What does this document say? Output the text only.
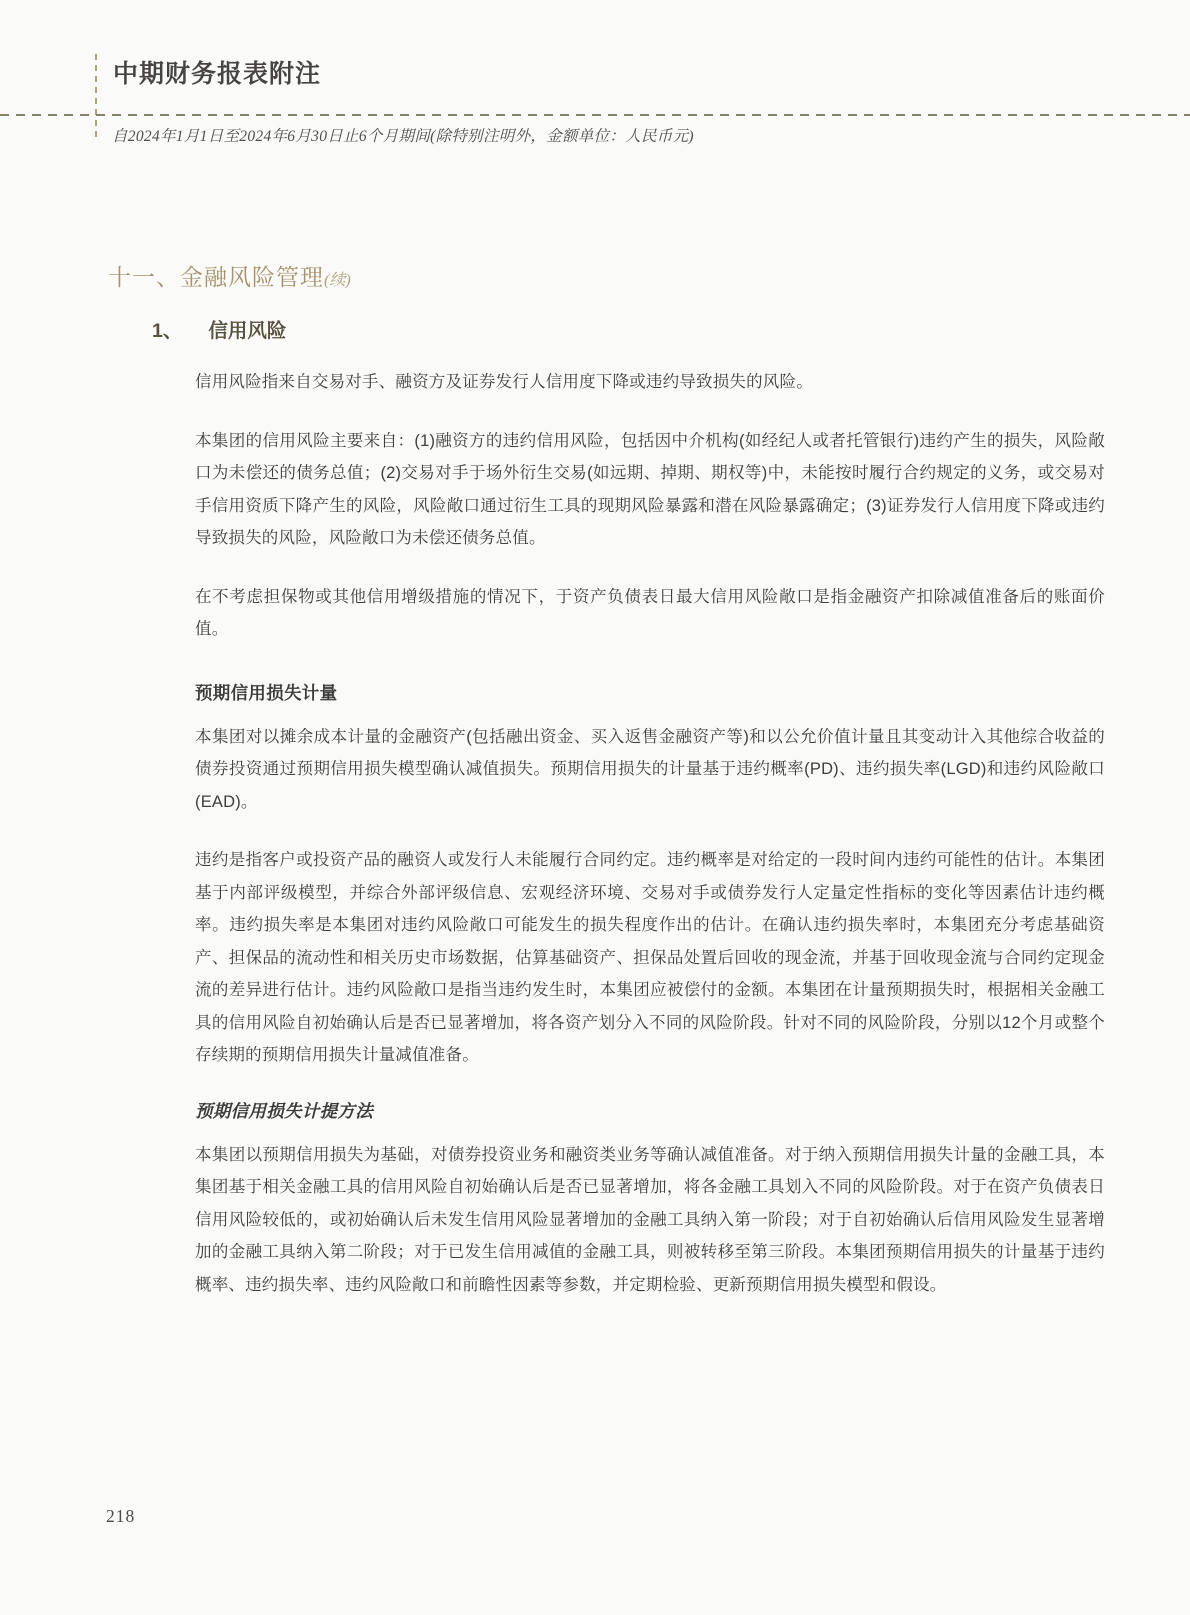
中期财务报表附注
自2024年1月1日至2024年6月30日止6个月期间(除特别注明外，金额单位：人民币元)
十一、金融风险管理(续)
1、 信用风险

信用风险指来自交易对手、融资方及证券发行人信用度下降或违约导致损失的风险。

本集团的信用风险主要来自：(1)融资方的违约信用风险，包括因中介机构(如经纪人或者托管银行)违约产生的损失，风险敞口为未偿还的债务总值；(2)交易对手于场外衍生交易(如远期、掉期、期权等)中，未能按时履行合约规定的义务，或交易对手信用资质下降产生的风险，风险敞口通过衍生工具的现期风险暴露和潜在风险暴露确定；(3)证券发行人信用度下降或违约导致损失的风险，风险敞口为未偿还债务总值。

在不考虑担保物或其他信用增级措施的情况下，于资产负债表日最大信用风险敞口是指金融资产扣除减值准备后的账面价值。

预期信用损失计量

本集团对以摊余成本计量的金融资产(包括融出资金、买入返售金融资产等)和以公允价值计量且其变动计入其他综合收益的债券投资通过预期信用损失模型确认减值损失。预期信用损失的计量基于违约概率(PD)、违约损失率(LGD)和违约风险敞口(EAD)。

违约是指客户或投资产品的融资人或发行人未能履行合同约定。违约概率是对给定的一段时间内违约可能性的估计。本集团基于内部评级模型，并综合外部评级信息、宏观经济环境、交易对手或债券发行人定量定性指标的变化等因素估计违约概率。违约损失率是本集团对违约风险敞口可能发生的损失程度作出的估计。在确认违约损失率时，本集团充分考虑基础资产、担保品的流动性和相关历史市场数据，估算基础资产、担保品处置后回收的现金流，并基于回收现金流与合同约定现金流的差异进行估计。违约风险敞口是指当违约发生时，本集团应被偿付的金额。本集团在计量预期损失时，根据相关金融工具的信用风险自初始确认后是否已显著增加，将各资产划分入不同的风险阶段。针对不同的风险阶段，分别以12个月或整个存续期的预期信用损失计量减值准备。

预期信用损失计提方法

本集团以预期信用损失为基础，对债券投资业务和融资类业务等确认减值准备。对于纳入预期信用损失计量的金融工具，本集团基于相关金融工具的信用风险自初始确认后是否已显著增加，将各金融工具划入不同的风险阶段。对于在资产负债表日信用风险较低的，或初始确认后未发生信用风险显著增加的金融工具纳入第一阶段；对于自初始确认后信用风险发生显著增加的金融工具纳入第二阶段；对于已发生信用减值的金融工具，则被转移至第三阶段。本集团预期信用损失的计量基于违约概率、违约损失率、违约风险敞口和前瞻性因素等参数，并定期检验、更新预期信用损失模型和假设。

218
